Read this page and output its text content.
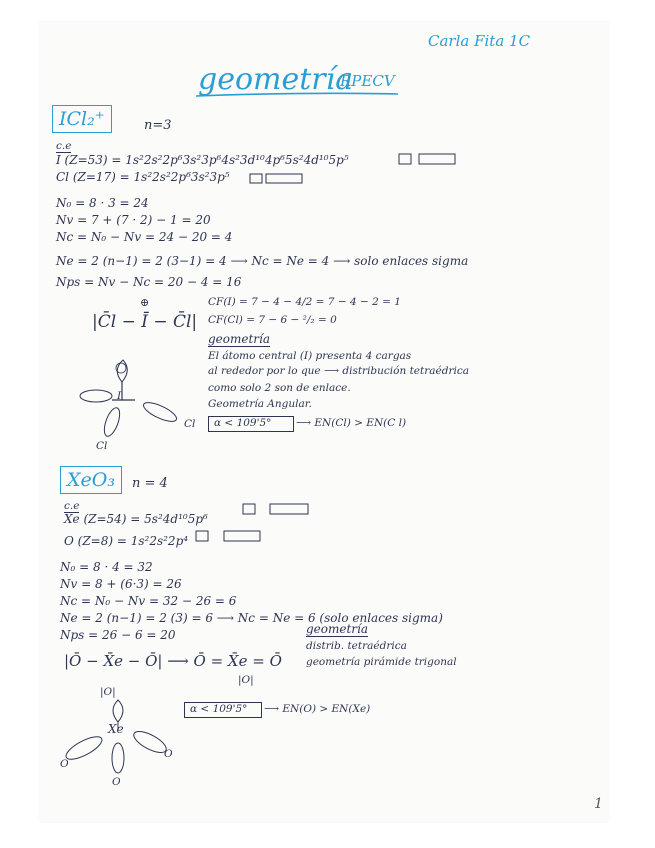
Carla Fita 1C
geometría
RPECV
ICl₂⁺	n=3
c.e
I (Z=53) = 1s²2s²2p⁶3s²3p⁶4s²3d¹⁰4p⁶5s²4d¹⁰5p⁵
Cl (Z=17) = 1s²2s²2p⁶3s²3p⁵
N₀ = 8 · 3 = 24
Nv = 7 + (7 · 2) − 1 = 20
Nc = N₀ − Nv = 24 − 20 = 4
Ne = 2 (n−1) = 2 (3−1) = 4 ⟶ Nc = Ne = 4 ⟶ solo enlaces sigma
Nps = Nv − Nc = 20 − 4 = 16
⊕
|C̄l − Ī − C̄l|
CF(I) = 7 − 4 − 4/2 = 7 − 4 − 2 = 1
CF(Cl) = 7 − 6 − ²/₂ = 0
geometría
El átomo central (I) presenta 4 cargas
al rededor por lo que ⟶ distribución tetraédrica
como solo 2 son de enlace.
Geometría Angular.
I
Cl
Cl α < 109'5° ⟶ EN(Cl) > EN(C l)
XeO₃	n = 4
c.e
Xe (Z=54) = 5s²4d¹⁰5p⁶
O (Z=8) = 1s²2s²2p⁴
N₀ = 8 · 4 = 32
Nv = 8 + (6·3) = 26
Nc = N₀ − Nv = 32 − 26 = 6
Ne = 2 (n−1) = 2 (3) = 6 ⟶ Nc = Ne = 6 (solo enlaces sigma)
Nps = 26 − 6 = 20	geometría
distrib. tetraédrica
geometría pirámide trigonal
|Ō − X̄e − Ō| ⟶ Ō = X̄e = Ō
|O|
|O|
Xe
O
O
O
α < 109'5° ⟶ EN(O) > EN(Xe)
1
